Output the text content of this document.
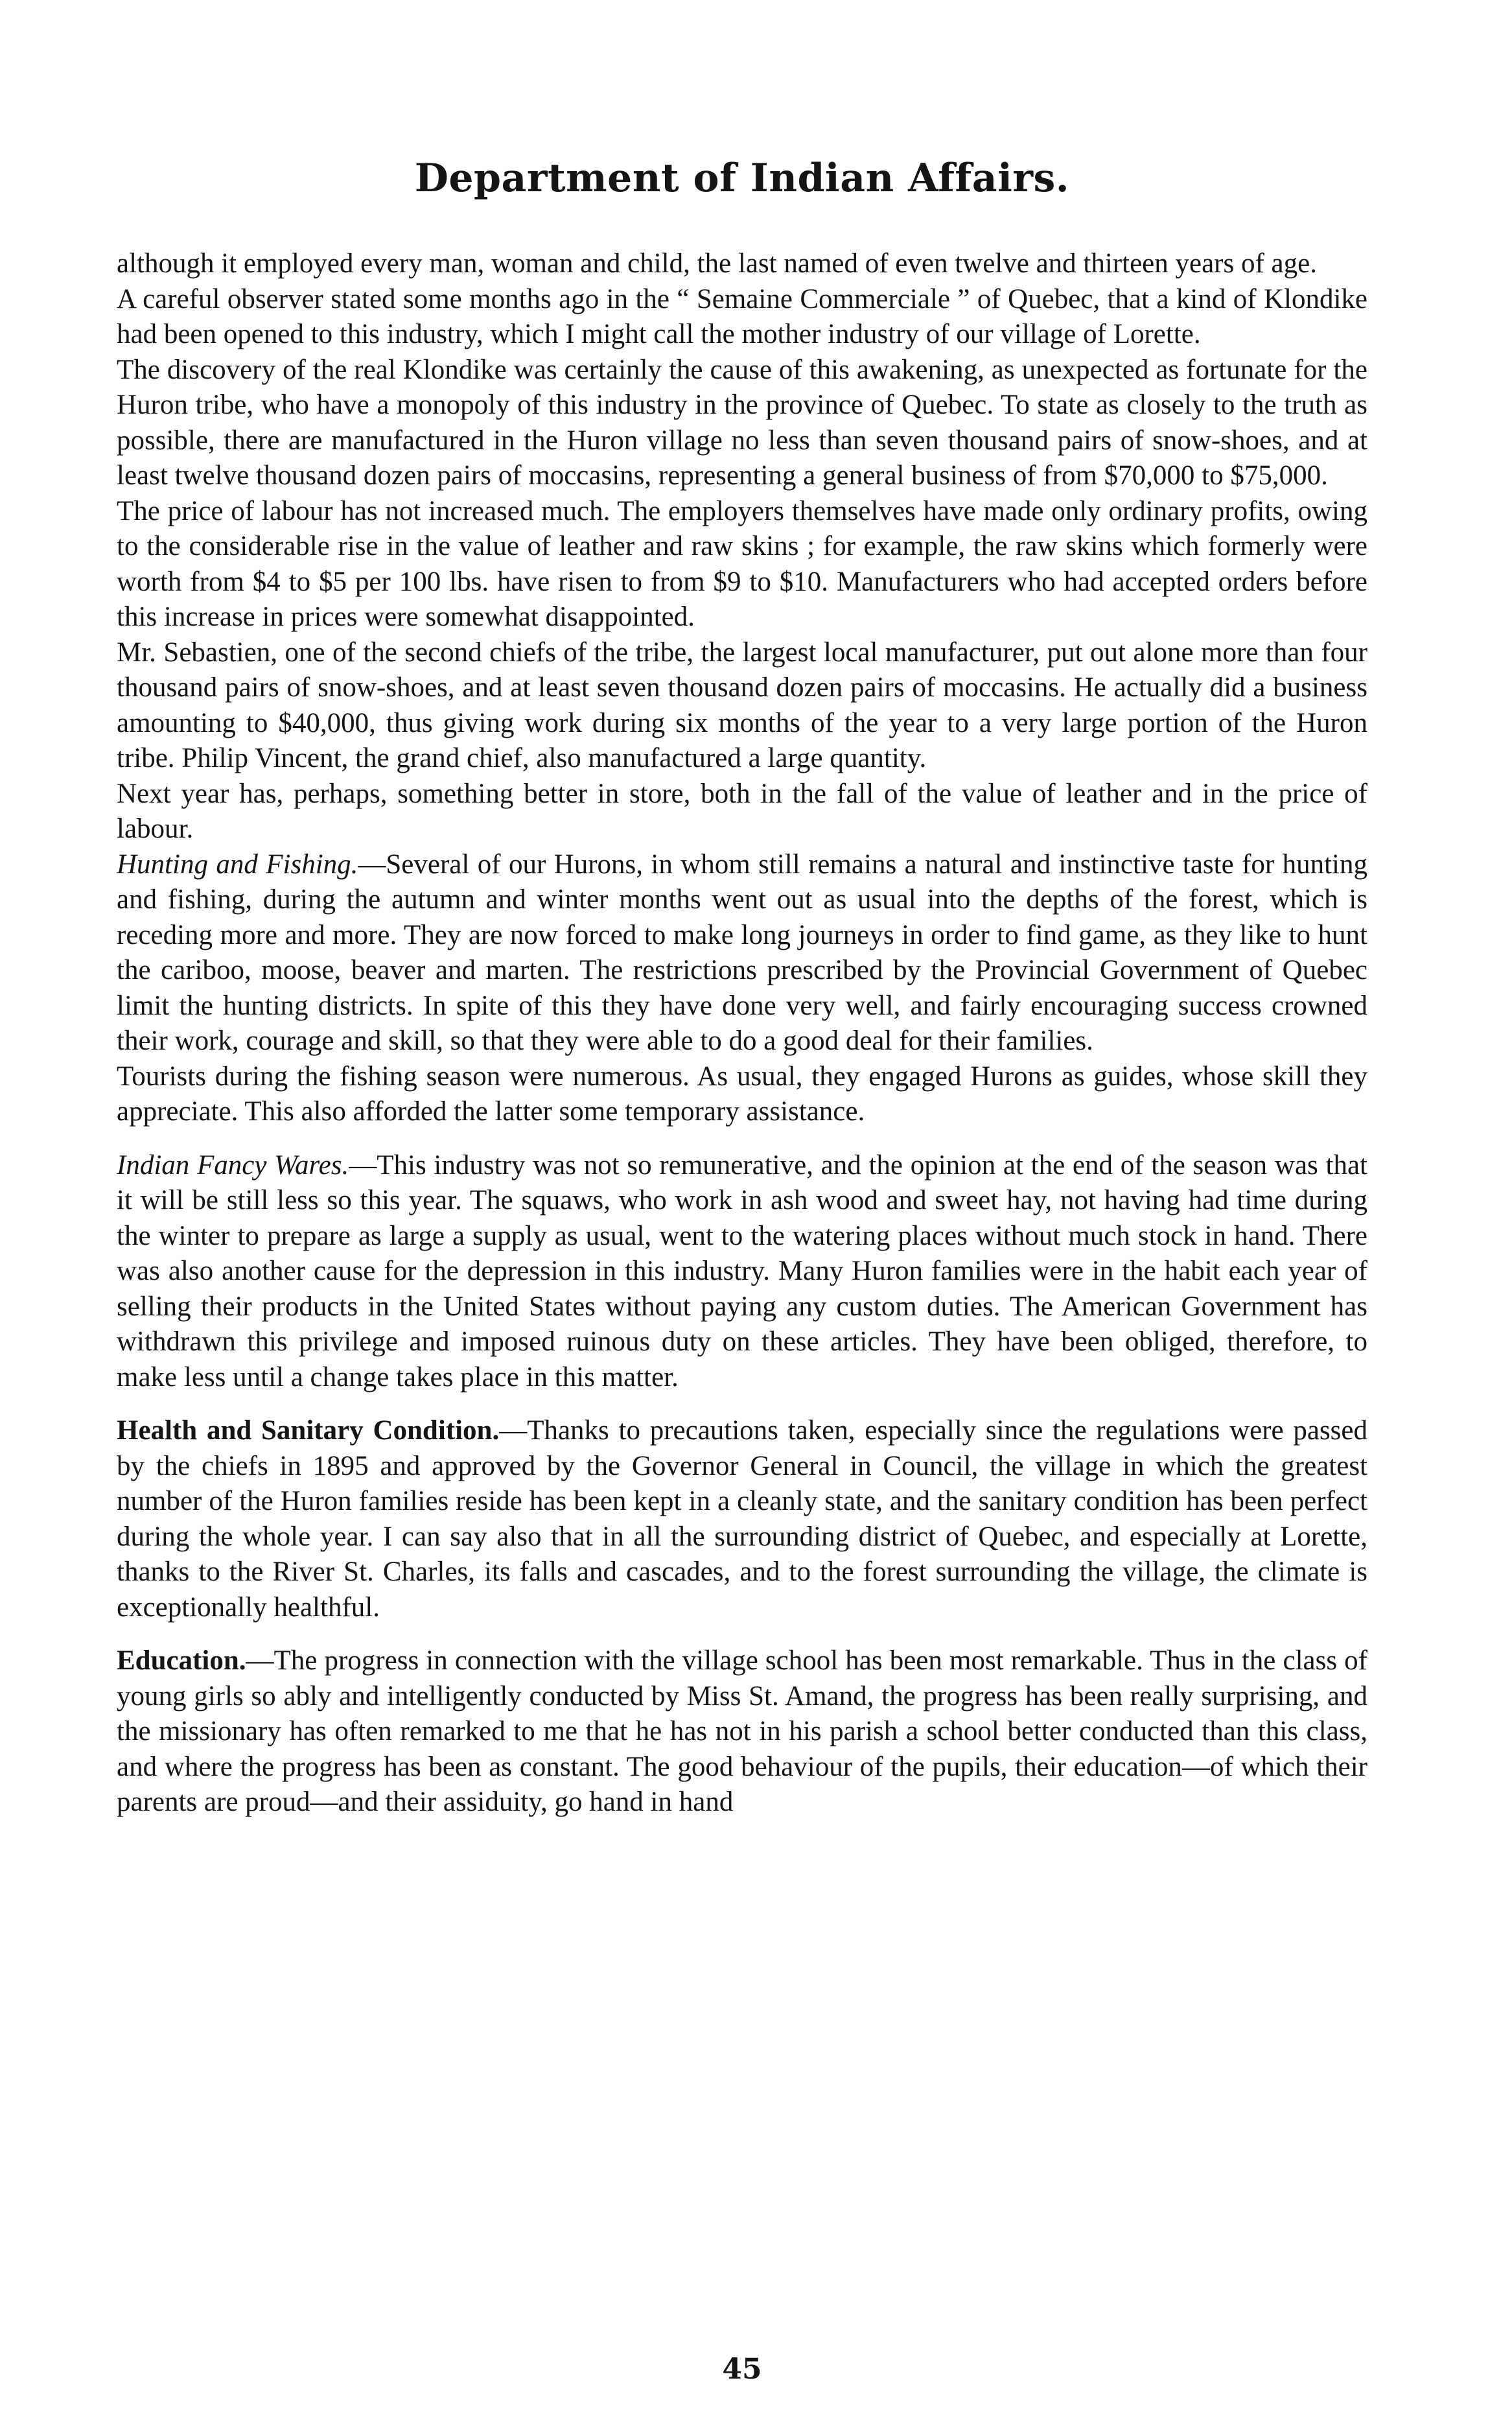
Department of Indian Affairs.

although it employed every man, woman and child, the last named of even twelve and thirteen years of age.

A careful observer stated some months ago in the “ Semaine Commerciale ” of Quebec, that a kind of Klondike had been opened to this industry, which I might call the mother industry of our village of Lorette.

The discovery of the real Klondike was certainly the cause of this awakening, as unexpected as fortunate for the Huron tribe, who have a monopoly of this industry in the province of Quebec. To state as closely to the truth as possible, there are manufactured in the Huron village no less than seven thousand pairs of snow-shoes, and at least twelve thousand dozen pairs of moccasins, representing a general business of from $70,000 to $75,000.

The price of labour has not increased much. The employers themselves have made only ordinary profits, owing to the considerable rise in the value of leather and raw skins ; for example, the raw skins which formerly were worth from $4 to $5 per 100 lbs. have risen to from $9 to $10. Manufacturers who had accepted orders before this increase in prices were somewhat disappointed.

Mr. Sebastien, one of the second chiefs of the tribe, the largest local manufacturer, put out alone more than four thousand pairs of snow-shoes, and at least seven thousand dozen pairs of moccasins. He actually did a business amounting to $40,000, thus giving work during six months of the year to a very large portion of the Huron tribe. Philip Vincent, the grand chief, also manufactured a large quantity.

Next year has, perhaps, something better in store, both in the fall of the value of leather and in the price of labour.

Hunting and Fishing.—Several of our Hurons, in whom still remains a natural and instinctive taste for hunting and fishing, during the autumn and winter months went out as usual into the depths of the forest, which is receding more and more. They are now forced to make long journeys in order to find game, as they like to hunt the cariboo, moose, beaver and marten. The restrictions prescribed by the Provincial Government of Quebec limit the hunting districts. In spite of this they have done very well, and fairly encouraging success crowned their work, courage and skill, so that they were able to do a good deal for their families.

Tourists during the fishing season were numerous. As usual, they engaged Hurons as guides, whose skill they appreciate. This also afforded the latter some temporary assistance.

Indian Fancy Wares.—This industry was not so remunerative, and the opinion at the end of the season was that it will be still less so this year. The squaws, who work in ash wood and sweet hay, not having had time during the winter to prepare as large a supply as usual, went to the watering places without much stock in hand. There was also another cause for the depression in this industry. Many Huron families were in the habit each year of selling their products in the United States without paying any custom duties. The American Government has withdrawn this privilege and imposed ruinous duty on these articles. They have been obliged, therefore, to make less until a change takes place in this matter.

Health and Sanitary Condition.—Thanks to precautions taken, especially since the regulations were passed by the chiefs in 1895 and approved by the Governor General in Council, the village in which the greatest number of the Huron families reside has been kept in a cleanly state, and the sanitary condition has been perfect during the whole year. I can say also that in all the surrounding district of Quebec, and especially at Lorette, thanks to the River St. Charles, its falls and cascades, and to the forest surrounding the village, the climate is exceptionally healthful.

Education.—The progress in connection with the village school has been most remarkable. Thus in the class of young girls so ably and intelligently conducted by Miss St. Amand, the progress has been really surprising, and the missionary has often remarked to me that he has not in his parish a school better conducted than this class, and where the progress has been as constant. The good behaviour of the pupils, their education—of which their parents are proud—and their assiduity, go hand in hand

45
